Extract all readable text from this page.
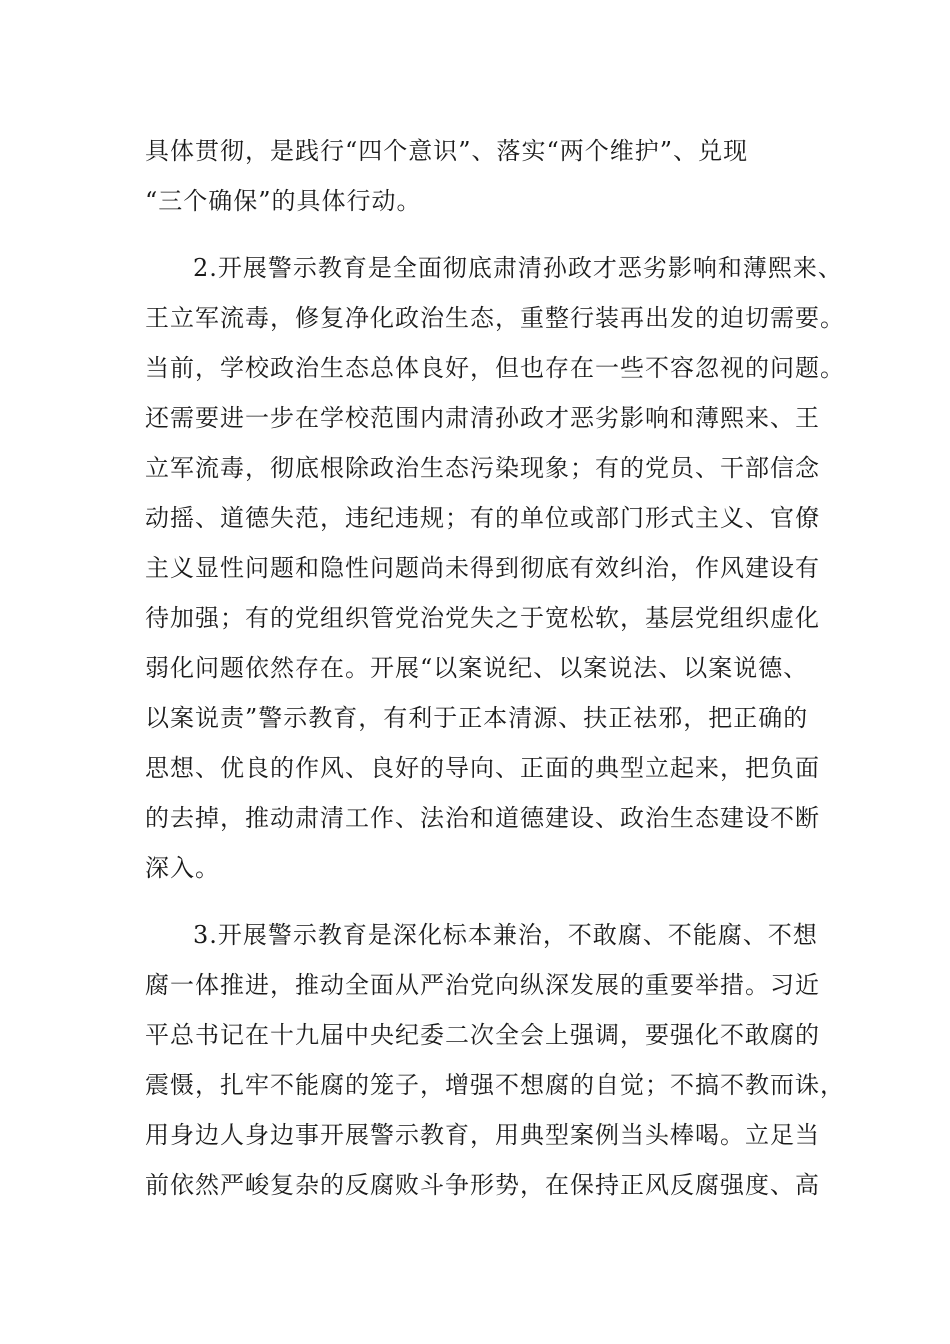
具体贯彻，是践行“四个意识”、落实“两个维护”、兑现
“三个确保”的具体行动。
2.开展警示教育是全面彻底肃清孙政才恶劣影响和薄熙来、
王立军流毒，修复净化政治生态，重整行装再出发的迫切需要。
当前，学校政治生态总体良好，但也存在一些不容忽视的问题。
还需要进一步在学校范围内肃清孙政才恶劣影响和薄熙来、王
立军流毒，彻底根除政治生态污染现象；有的党员、干部信念
动摇、道德失范，违纪违规；有的单位或部门形式主义、官僚
主义显性问题和隐性问题尚未得到彻底有效纠治，作风建设有
待加强；有的党组织管党治党失之于宽松软，基层党组织虚化
弱化问题依然存在。开展“以案说纪、以案说法、以案说德、
以案说责”警示教育，有利于正本清源、扶正祛邪，把正确的
思想、优良的作风、良好的导向、正面的典型立起来，把负面
的去掉，推动肃清工作、法治和道德建设、政治生态建设不断
深入。
3.开展警示教育是深化标本兼治，不敢腐、不能腐、不想
腐一体推进，推动全面从严治党向纵深发展的重要举措。习近
平总书记在十九届中央纪委二次全会上强调，要强化不敢腐的
震慑，扎牢不能腐的笼子，增强不想腐的自觉；不搞不教而诛，
用身边人身边事开展警示教育，用典型案例当头棒喝。立足当
前依然严峻复杂的反腐败斗争形势，在保持正风反腐强度、高
